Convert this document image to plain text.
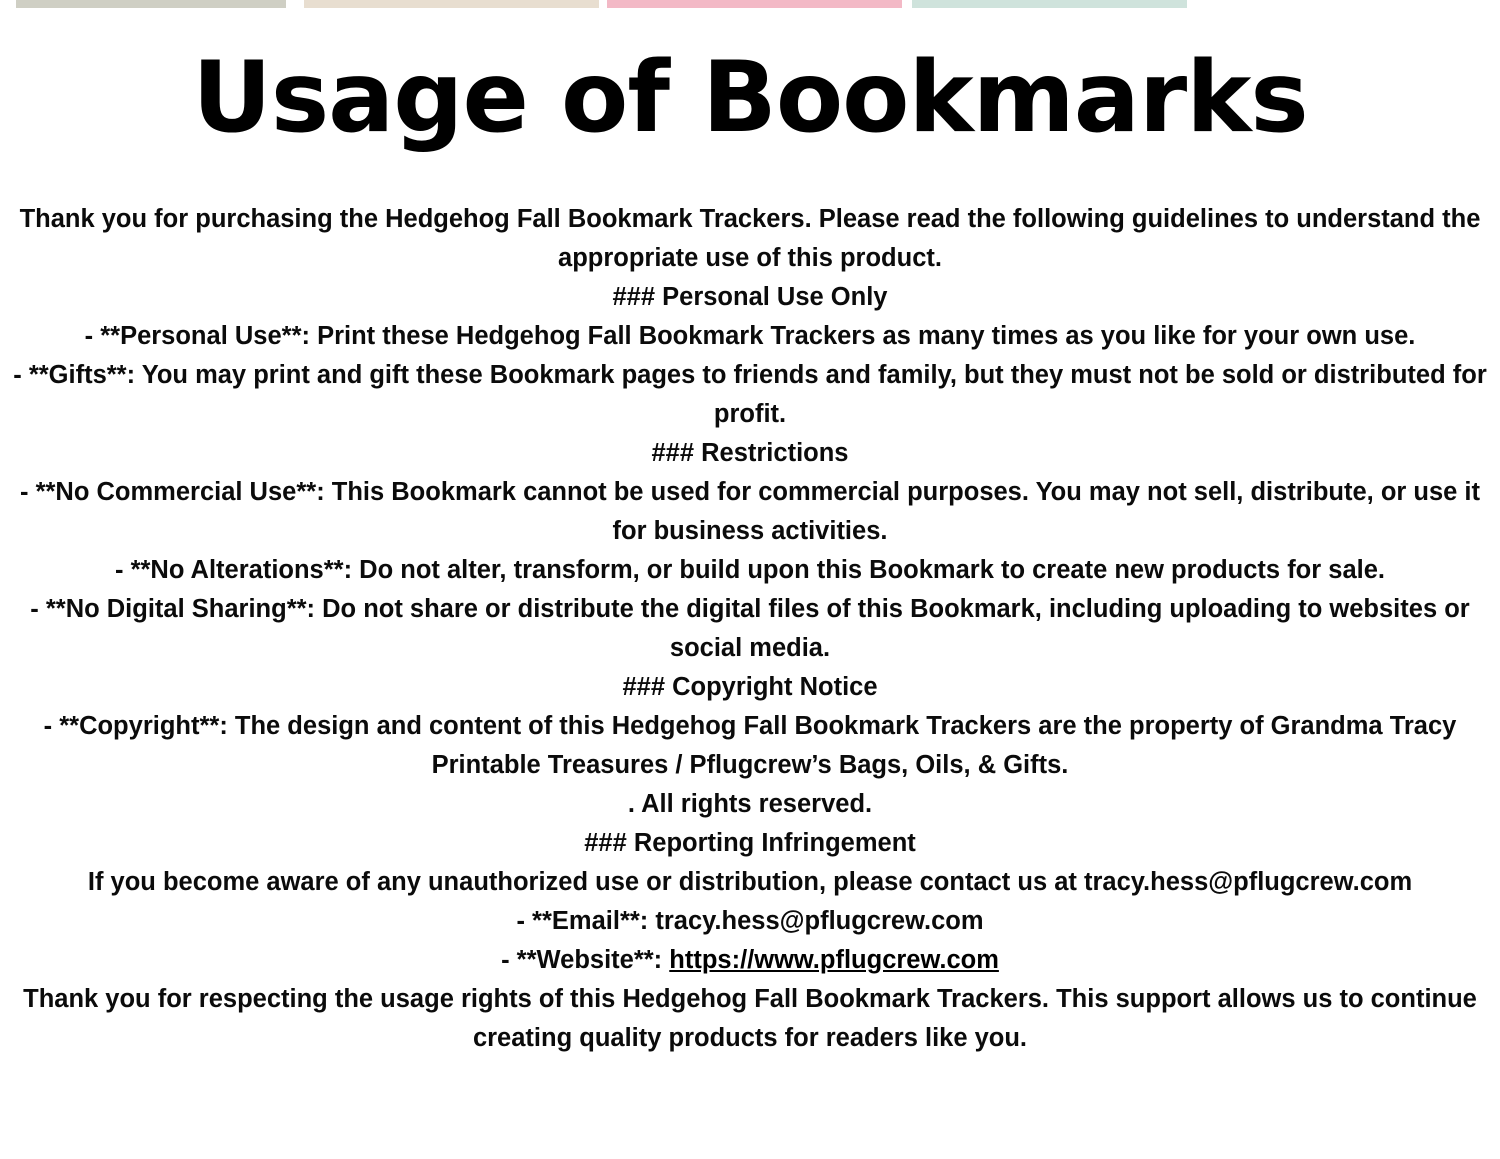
Usage of Bookmarks

Thank you for purchasing the Hedgehog Fall Bookmark Trackers. Please read the following guidelines to understand the appropriate use of this product.

### Personal Use Only

- **Personal Use**: Print these Hedgehog Fall Bookmark Trackers as many times as you like for your own use.

- **Gifts**: You may print and gift these Bookmark pages to friends and family, but they must not be sold or distributed for profit.

### Restrictions

- **No Commercial Use**: This Bookmark cannot be used for commercial purposes. You may not sell, distribute, or use it for business activities.

- **No Alterations**: Do not alter, transform, or build upon this Bookmark to create new products for sale.

- **No Digital Sharing**: Do not share or distribute the digital files of this Bookmark, including uploading to websites or social media.

### Copyright Notice

- **Copyright**: The design and content of this Hedgehog Fall Bookmark Trackers are the property of Grandma Tracy Printable Treasures / Pflugcrew’s Bags, Oils, & Gifts.

. All rights reserved.

### Reporting Infringement

If you become aware of any unauthorized use or distribution, please contact us at tracy.hess@pflugcrew.com

- **Email**: tracy.hess@pflugcrew.com

- **Website**: https://www.pflugcrew.com

Thank you for respecting the usage rights of this Hedgehog Fall Bookmark Trackers. This support allows us to continue creating quality products for readers like you.
